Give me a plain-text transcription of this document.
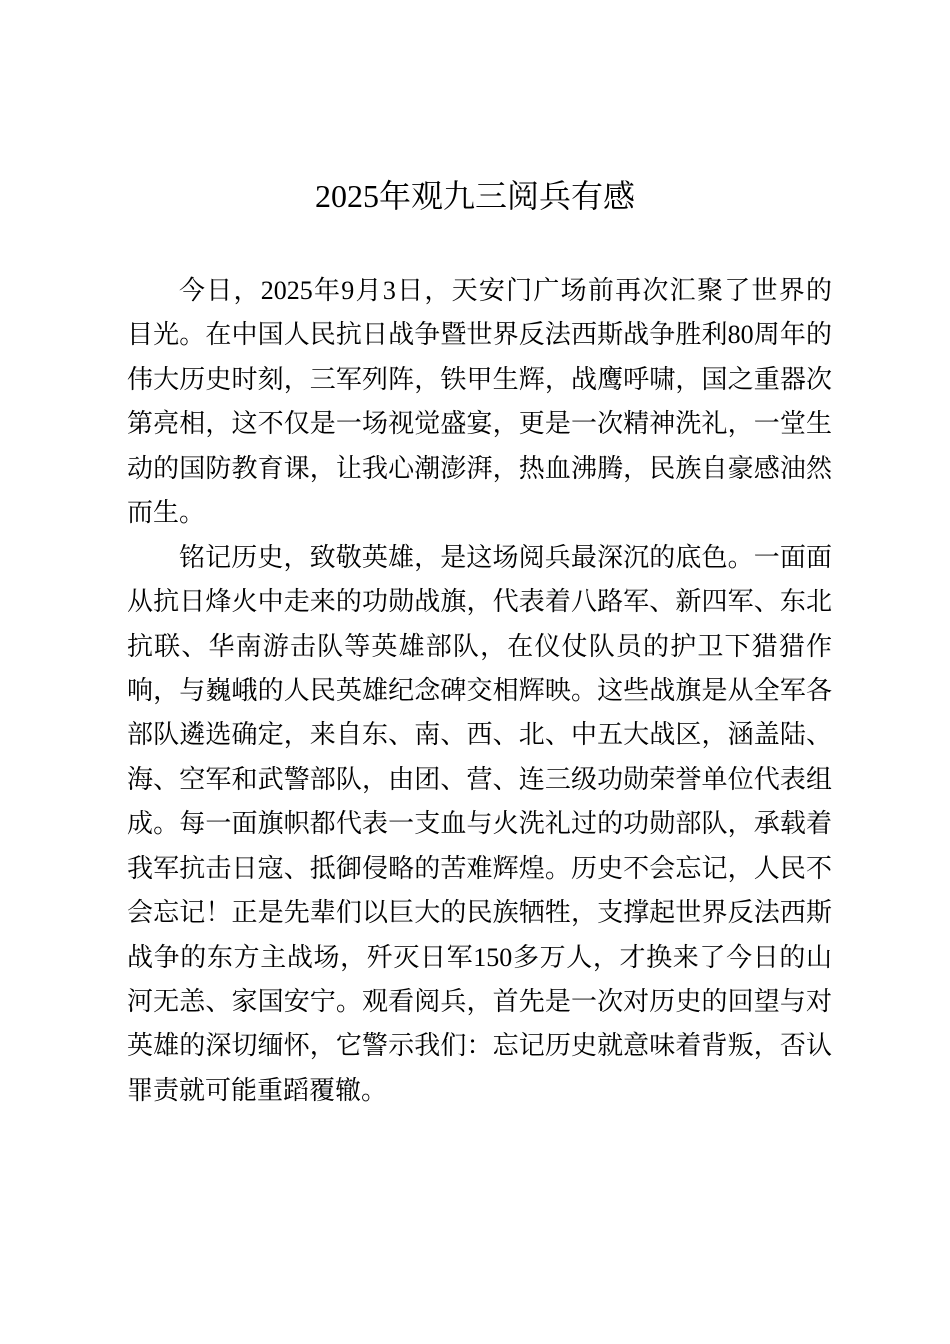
2025年观九三阅兵有感
今日，2025年9月3日，天安门广场前再次汇聚了世界的
目光。在中国人民抗日战争暨世界反法西斯战争胜利80周年的
伟大历史时刻，三军列阵，铁甲生辉，战鹰呼啸，国之重器次
第亮相，这不仅是一场视觉盛宴，更是一次精神洗礼，一堂生
动的国防教育课，让我心潮澎湃，热血沸腾，民族自豪感油然
而生。
铭记历史，致敬英雄，是这场阅兵最深沉的底色。一面面
从抗日烽火中走来的功勋战旗，代表着八路军、新四军、东北
抗联、华南游击队等英雄部队，在仪仗队员的护卫下猎猎作
响，与巍峨的人民英雄纪念碑交相辉映。这些战旗是从全军各
部队遴选确定，来自东、南、西、北、中五大战区，涵盖陆、
海、空军和武警部队，由团、营、连三级功勋荣誉单位代表组
成。每一面旗帜都代表一支血与火洗礼过的功勋部队，承载着
我军抗击日寇、抵御侵略的苦难辉煌。历史不会忘记，人民不
会忘记！正是先辈们以巨大的民族牺牲，支撑起世界反法西斯
战争的东方主战场，歼灭日军150多万人，才换来了今日的山
河无恙、家国安宁。观看阅兵，首先是一次对历史的回望与对
英雄的深切缅怀，它警示我们：忘记历史就意味着背叛，否认
罪责就可能重蹈覆辙。
